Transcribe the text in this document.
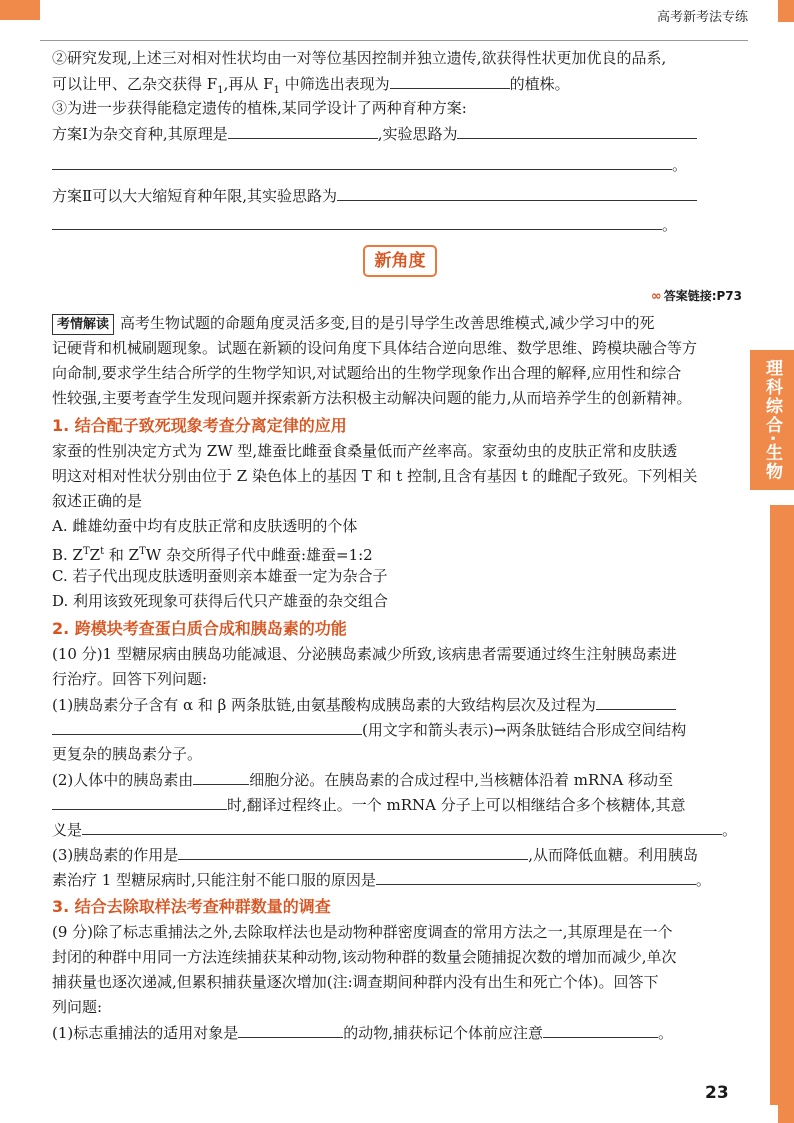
理科综合·生物
高考新考法专练
②研究发现,上述三对相对性状均由一对等位基因控制并独立遗传,欲获得性状更加优良的品系,
可以让甲、乙杂交获得 $F_1$,再从 $F_1$ 中筛选出表现为	的植株。
③为进一步获得能稳定遗传的植株,某同学设计了两种育种方案:
方案Ⅰ为杂交育种,其原理是	,实验思路为
。
方案Ⅱ可以大大缩短育种年限,其实验思路为
。
新角度
∞ 答案链接:P73
考情解读 高考生物试题的命题角度灵活多变,目的是引导学生改善思维模式,减少学习中的死
记硬背和机械刷题现象。试题在新颖的设问角度下具体结合逆向思维、数学思维、跨模块融合等方
向命制,要求学生结合所学的生物学知识,对试题给出的生物学现象作出合理的解释,应用性和综合
性较强,主要考查学生发现问题并探索新方法积极主动解决问题的能力,从而培养学生的创新精神。
1. 结合配子致死现象考查分离定律的应用
家蚕的性别决定方式为 ZW 型,雄蚕比雌蚕食桑量低而产丝率高。家蚕幼虫的皮肤正常和皮肤透
明这对相对性状分别由位于 Z 染色体上的基因 T 和 t 控制,且含有基因 t 的雌配子致死。下列相关
叙述正确的是
A. 雌雄幼蚕中均有皮肤正常和皮肤透明的个体
B. $Z^TZ^t$ 和 $Z^TW$ 杂交所得子代中雌蚕:雄蚕=1:2
C. 若子代出现皮肤透明蚕则亲本雄蚕一定为杂合子
D. 利用该致死现象可获得后代只产雄蚕的杂交组合
2. 跨模块考查蛋白质合成和胰岛素的功能
(10 分)1 型糖尿病由胰岛功能减退、分泌胰岛素减少所致,该病患者需要通过终生注射胰岛素进
行治疗。回答下列问题:
(1)胰岛素分子含有 α 和 β 两条肽链,由氨基酸构成胰岛素的大致结构层次及过程为
(用文字和箭头表示)→两条肽链结合形成空间结构
更复杂的胰岛素分子。
(2)人体中的胰岛素由	细胞分泌。在胰岛素的合成过程中,当核糖体沿着 mRNA 移动至
时,翻译过程终止。一个 mRNA 分子上可以相继结合多个核糖体,其意
义是	。
(3)胰岛素的作用是	,从而降低血糖。利用胰岛
素治疗 1 型糖尿病时,只能注射不能口服的原因是	。
3. 结合去除取样法考查种群数量的调查
(9 分)除了标志重捕法之外,去除取样法也是动物种群密度调查的常用方法之一,其原理是在一个
封闭的种群中用同一方法连续捕获某种动物,该动物种群的数量会随捕捉次数的增加而减少,单次
捕获量也逐次递减,但累积捕获量逐次增加(注:调查期间种群内没有出生和死亡个体)。回答下
列问题:
(1)标志重捕法的适用对象是	的动物,捕获标记个体前应注意	。
23
